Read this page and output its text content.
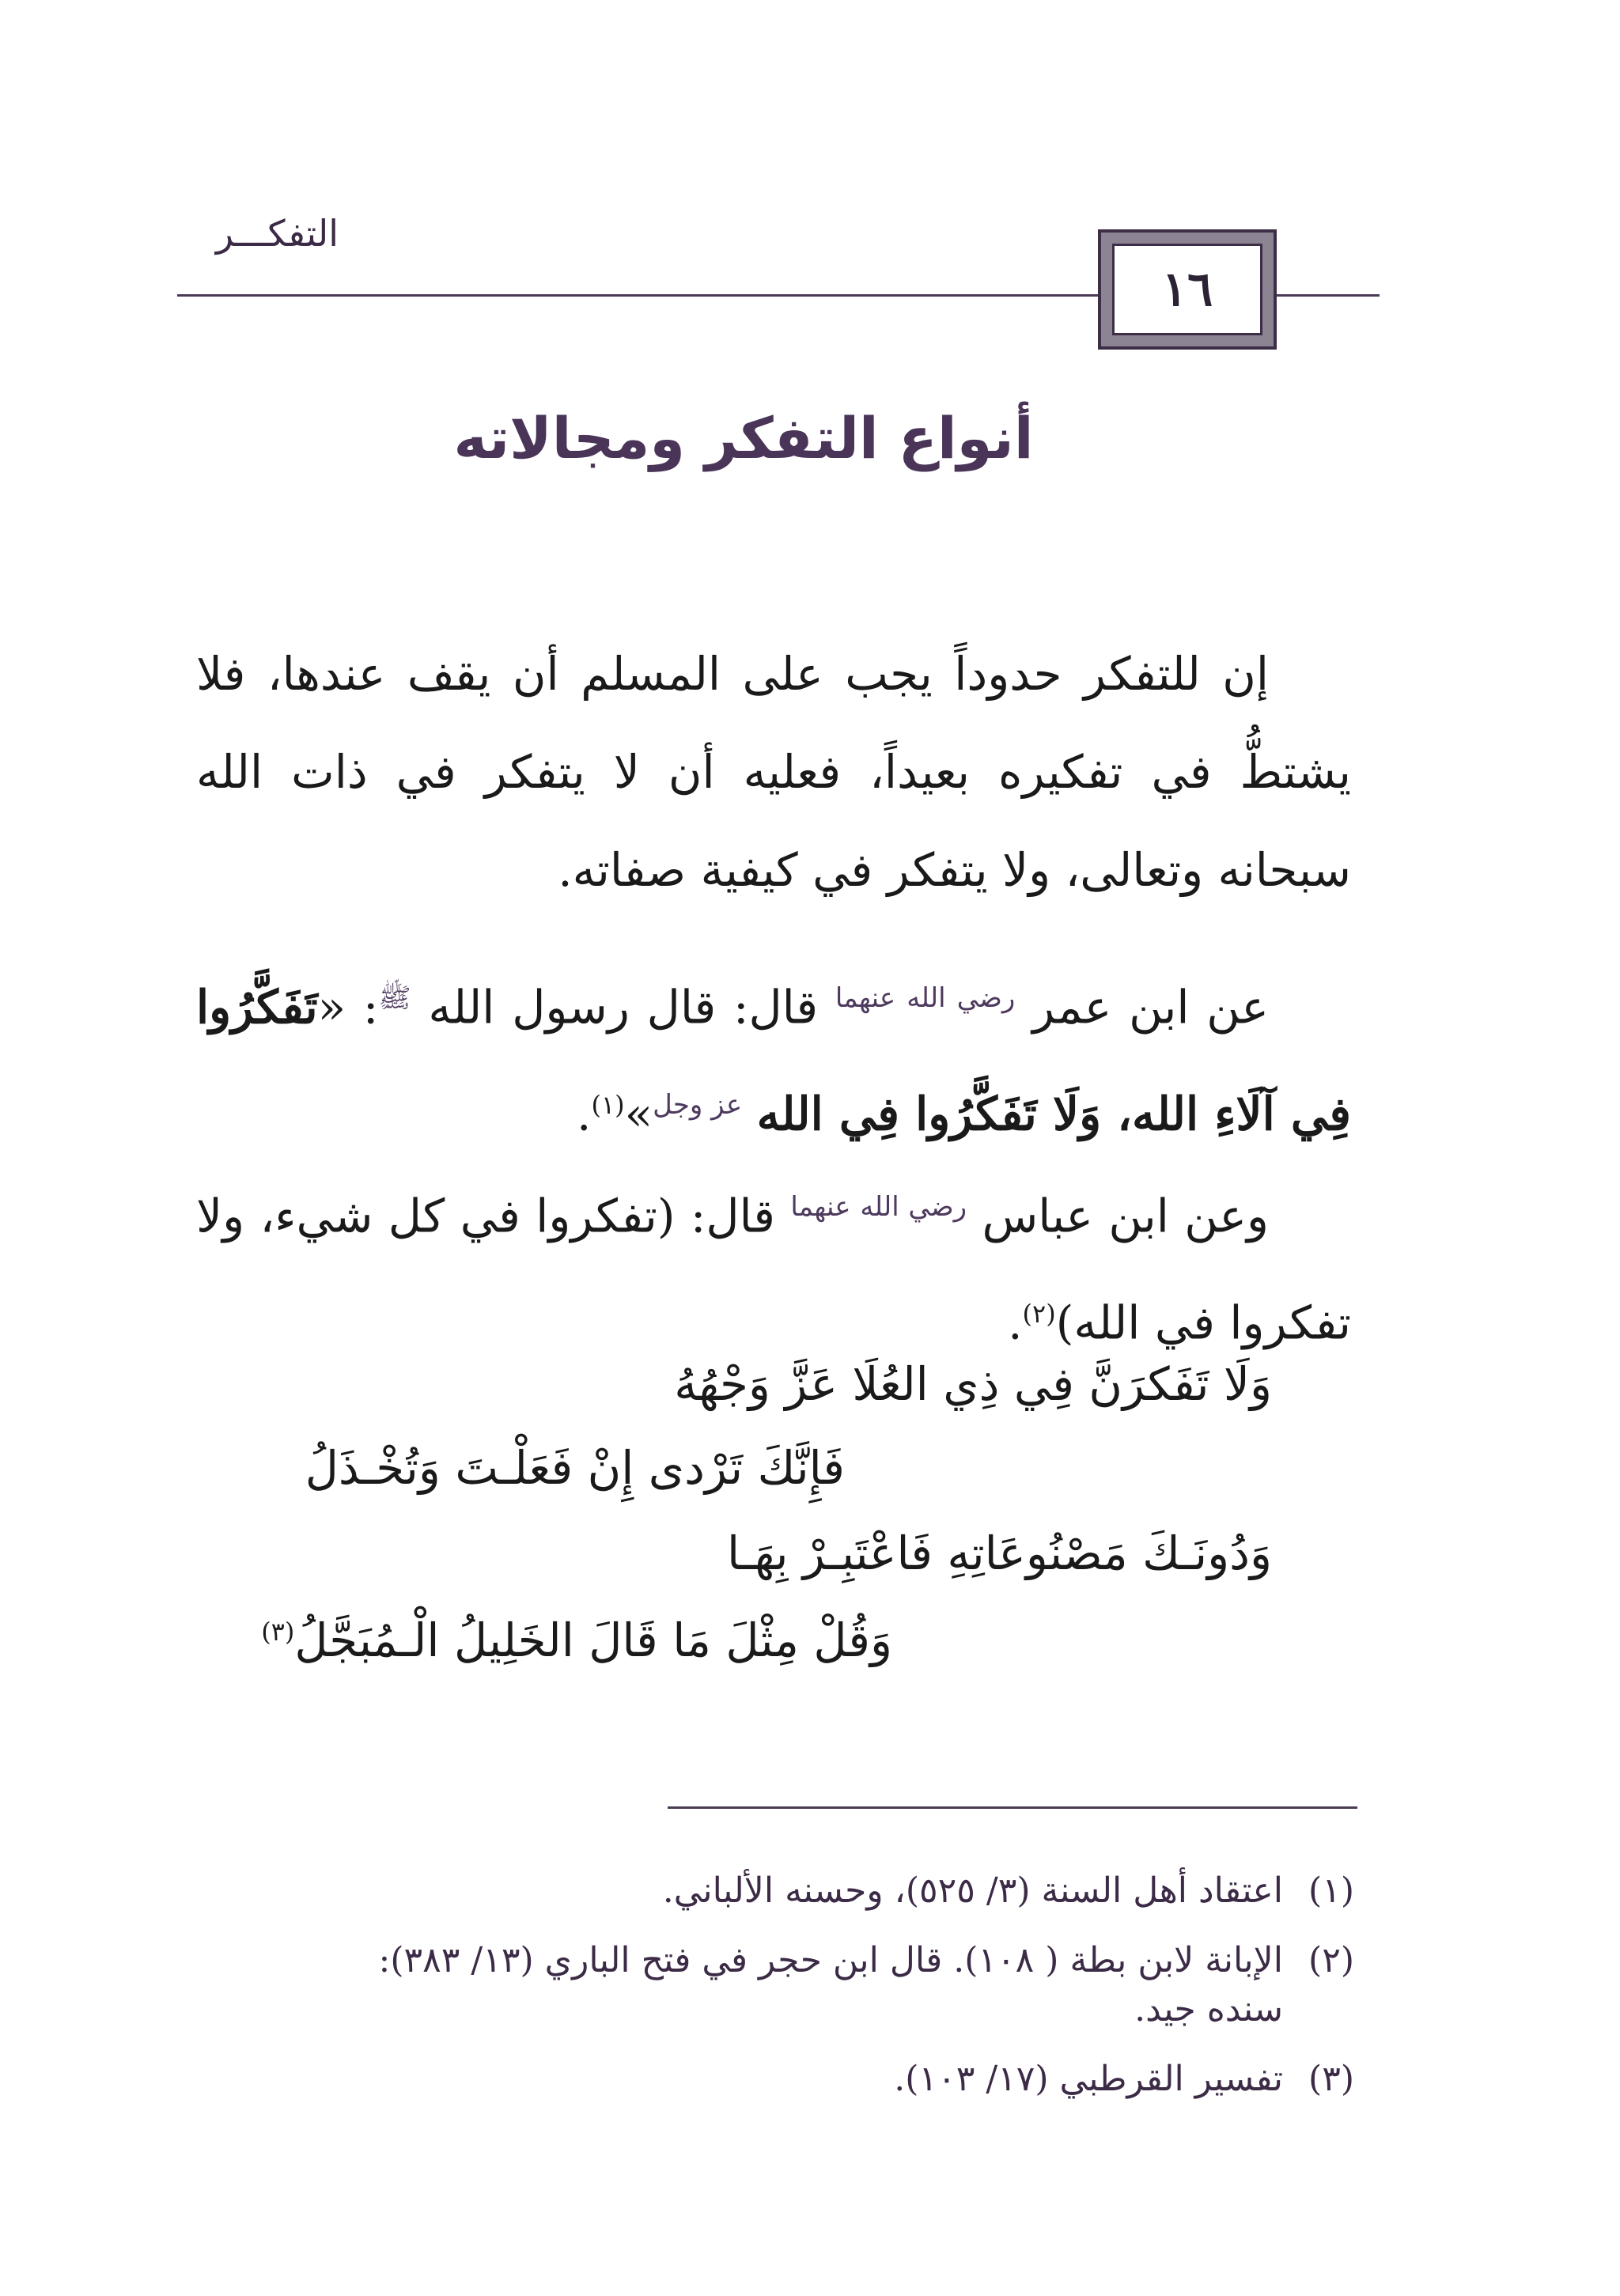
التفكـــر
١٦
أنواع التفكر ومجالاته
إن للتفكر حدوداً يجب على المسلم أن يقف عندها، فلا يشتطُّ في تفكيره بعيداً، فعليه أن لا يتفكر في ذات الله سبحانه وتعالى، ولا يتفكر في كيفية صفاته.
عن ابن عمر $^{رضي الله عنهما}$ قال: قال رسول الله $^ﷺ$: «تَفَكَّرُوا فِي آلَاءِ الله، وَلَا تَفَكَّرُوا فِي الله $^{عز وجل}$»$^{(١)}$.
وعن ابن عباس $^{رضي الله عنهما}$ قال: (تفكروا في كل شيء، ولا تفكروا في الله)$^{(٢)}$.
وَلَا تَفَكرَنَّ فِي ذِي العُلَا عَزَّ وَجْهُهُ
فَإِنَّكَ تَرْدى إِنْ فَعَلْـتَ وَتُخْـذَلُ
وَدُونَـكَ مَصْنُوعَاتِهِ فَاعْتَبِـرْ بِهَـا
وَقُلْ مِثْلَ مَا قَالَ الخَلِيلُ الْـمُبَجَّلُ$^{(٣)}$
(١)اعتقاد أهل السنة (٣/ ٥٢٥)، وحسنه الألباني.
(٢)الإبانة لابن بطة ( ١٠٨). قال ابن حجر في فتح الباري (١٣/ ٣٨٣):
سنده جيد.
(٣)تفسير القرطبي (١٧/ ١٠٣).
